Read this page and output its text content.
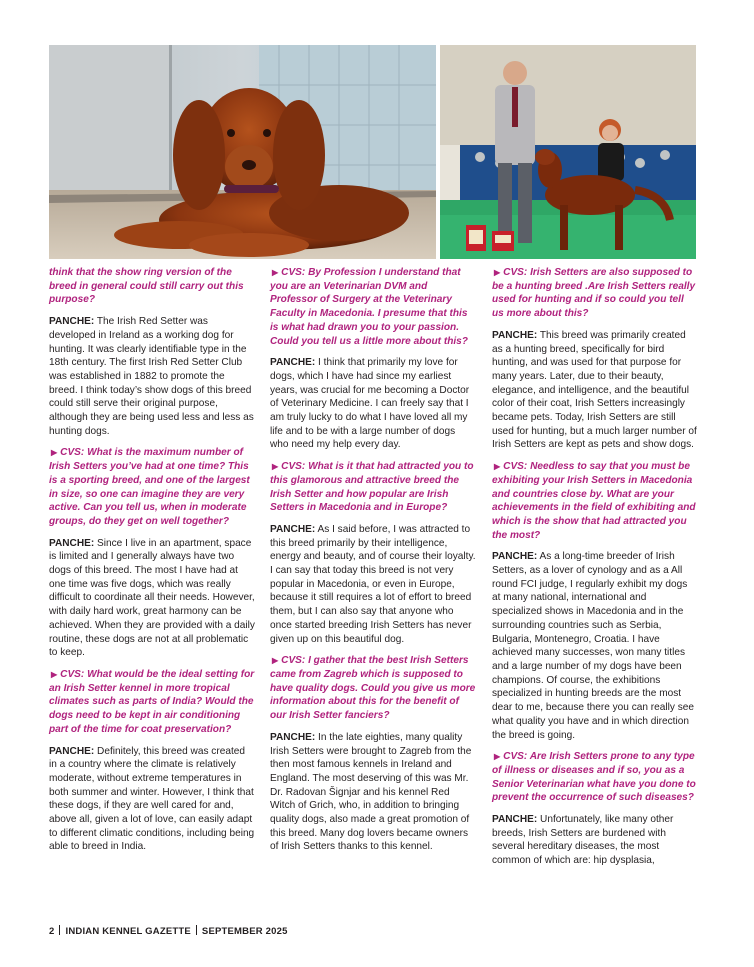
think that the show ring version of the breed in general could still carry out this purpose?

PANCHE: The Irish Red Setter was developed in Ireland as a working dog for hunting. It was clearly identifiable type in the 18th century. The first Irish Red Setter Club was established in 1882 to promote the breed. I think today’s show dogs of this breed could still serve their original purpose, although they are being used less and less as hunting dogs.

▶ CVS: What is the maximum number of Irish Setters you’ve had at one time? This is a sporting breed, and one of the largest in size, so one can imagine they are very active. Can you tell us, when in moderate groups, do they get on well together?

PANCHE: Since I live in an apartment, space is limited and I generally always have two dogs of this breed. The most I have had at one time was five dogs, which was really difficult to coordinate all their needs. However, with daily hard work, great harmony can be achieved. When they are provided with a daily routine, these dogs are not at all problematic to keep.

▶ CVS: What would be the ideal setting for an Irish Setter kennel in more tropical climates such as parts of India? Would the dogs need to be kept in air conditioning part of the time for coat preservation?

PANCHE: Definitely, this breed was created in a country where the climate is relatively moderate, without extreme temperatures in both summer and winter. However, I think that these dogs, if they are well cared for and, above all, given a lot of love, can easily adapt to different climatic conditions, including being able to breed in India.

▶ CVS: By Profession I understand that you are an Veterinarian DVM and Professor of Surgery at the Veterinary Faculty in Macedonia. I presume that this is what had drawn you to your passion. Could you tell us a little more about this?

PANCHE: I think that primarily my love for dogs, which I have had since my earliest years, was crucial for me becoming a Doctor of Veterinary Medicine. I can freely say that I am truly lucky to do what I have loved all my life and to be with a large number of dogs who need my help every day.

▶ CVS: What is it that had attracted you to this glamorous and attractive breed the Irish Setter and how popular are Irish Setters in Macedonia and in Europe?

PANCHE: As I said before, I was attracted to this breed primarily by their intelligence, energy and beauty, and of course their loyalty. I can say that today this breed is not very popular in Macedonia, or even in Europe, because it still requires a lot of effort to breed them, but I can also say that anyone who once started breeding Irish Setters has never given up on this beautiful dog.

▶ CVS: I gather that the best Irish Setters came from Zagreb which is supposed to have quality dogs. Could you give us more information about this for the benefit of our Irish Setter fanciers?

PANCHE: In the late eighties, many quality Irish Setters were brought to Zagreb from the then most famous kennels in Ireland and England. The most deserving of this was Mr. Dr. Radovan Šignjar and his kennel Red Witch of Grich, who, in addition to bringing quality dogs, also made a great promotion of this breed. Many dog lovers became owners of Irish Setters thanks to this kennel.

▶ CVS: Irish Setters are also supposed to be a hunting breed .Are Irish Setters really used for hunting and if so could you tell us more about this?

PANCHE: This breed was primarily created as a hunting breed, specifically for bird hunting, and was used for that purpose for many years. Later, due to their beauty, elegance, and intelligence, and the beautiful color of their coat, Irish Setters increasingly became pets. Today, Irish Setters are still used for hunting, but a much larger number of Irish Setters are kept as pets and show dogs.

▶ CVS: Needless to say that you must be exhibiting your Irish Setters in Macedonia and countries close by. What are your achievements in the field of exhibiting and which is the show that had attracted you the most?

PANCHE: As a long-time breeder of Irish Setters, as a lover of cynology and as a All round FCI judge, I regularly exhibit my dogs at many national, international and specialized shows in Macedonia and in the surrounding countries such as Serbia, Bulgaria, Montenegro, Croatia. I have achieved many successes, won many titles and a large number of my dogs have been champions. Of course, the exhibitions specialized in hunting breeds are the most dear to me, because there you can really see what quality you have and in which direction the breed is going.

▶ CVS: Are Irish Setters prone to any type of illness or diseases and if so, you as a Senior Veterinarian what have you done to prevent the occurrence of such diseases?

PANCHE: Unfortunately, like many other breeds, Irish Setters are burdened with several hereditary diseases, the most common of which are: hip dysplasia,

2 INDIAN KENNEL GAZETTE SEPTEMBER 2025
